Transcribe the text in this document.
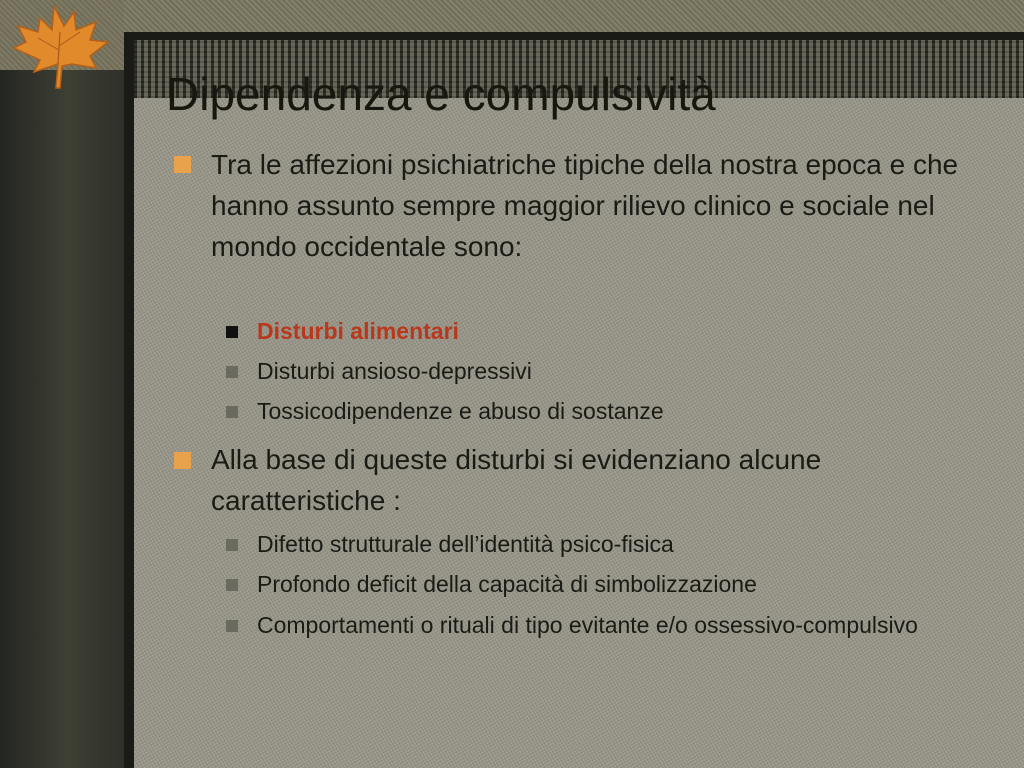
Dipendenza e compulsività
Tra le affezioni psichiatriche tipiche della nostra epoca e che hanno assunto sempre maggior rilievo clinico e sociale nel mondo occidentale sono:
Disturbi alimentari
Disturbi ansioso-depressivi
Tossicodipendenze e abuso di sostanze
Alla base di queste disturbi si evidenziano alcune caratteristiche :
Difetto strutturale dell’identità psico-fisica
Profondo deficit della capacità di simbolizzazione
Comportamenti o rituali di tipo evitante e/o ossessivo-compulsivo
